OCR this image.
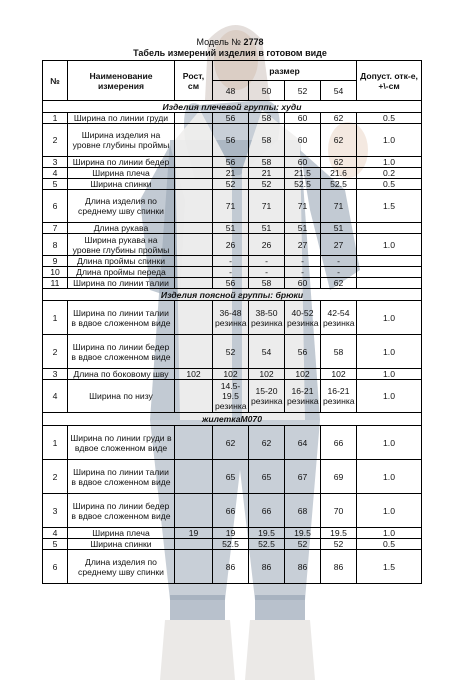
Модель № 2778
Табель измерений изделия в готовом виде
№	Наименование измерения	Рост, см	размер				Допуст. отк-е, +\-см
			48	50	52	54	
Изделия плечевой группы: худи							
1	Ширина по линии груди		56	58	60	62	0.5
2	Ширина изделия на уровне глубины проймы		56	58	60	62	1.0
3	Ширина по линии бедер		56	58	60	62	1.0
4	Ширина плеча		21	21	21.5	21.6	0.2
5	Ширина спинки		52	52	52.5	52.5	0.5
6	Длина изделия по среднему шву спинки		71	71	71	71	1.5
7	Длина рукава		51	51	51	51	
8	Ширина рукава на уровне глубины проймы		26	26	27	27	1.0
9	Длина проймы спинки		-	-	-	-	
10	Длина проймы переда		-	-	-	-	
11	Ширина по линии талии		56	58	60	62	
Изделия поясной группы: брюки							
1	Ширина по линии талии в вдвое сложенном виде		36-48 резинка	38-50 резинка	40-52 резинка	42-54 резинка	1.0
2	Ширина по линии бедер в вдвое сложенном виде		52	54	56	58	1.0
3	Длина по боковому шву	102	102	102	102	102	1.0
4	Ширина по низу		14.5-19.5 резинка	15-20 резинка	16-21 резинка	16-21 резинка	1.0
жилеткаМ070							
1	Ширина по линии груди в вдвое сложенном виде		62	62	64	66	1.0
2	Ширина по линии талии в вдвое сложенном виде		65	65	67	69	1.0
3	Ширина по линии бедер в вдвое сложенном виде		66	66	68	70	1.0
4	Ширина плеча	19	19	19.5	19.5	19.5	1.0
5	Ширина спинки		52.5	52.5	52	52	0.5
6	Длина изделия по среднему шву спинки		86	86	86	86	1.5
